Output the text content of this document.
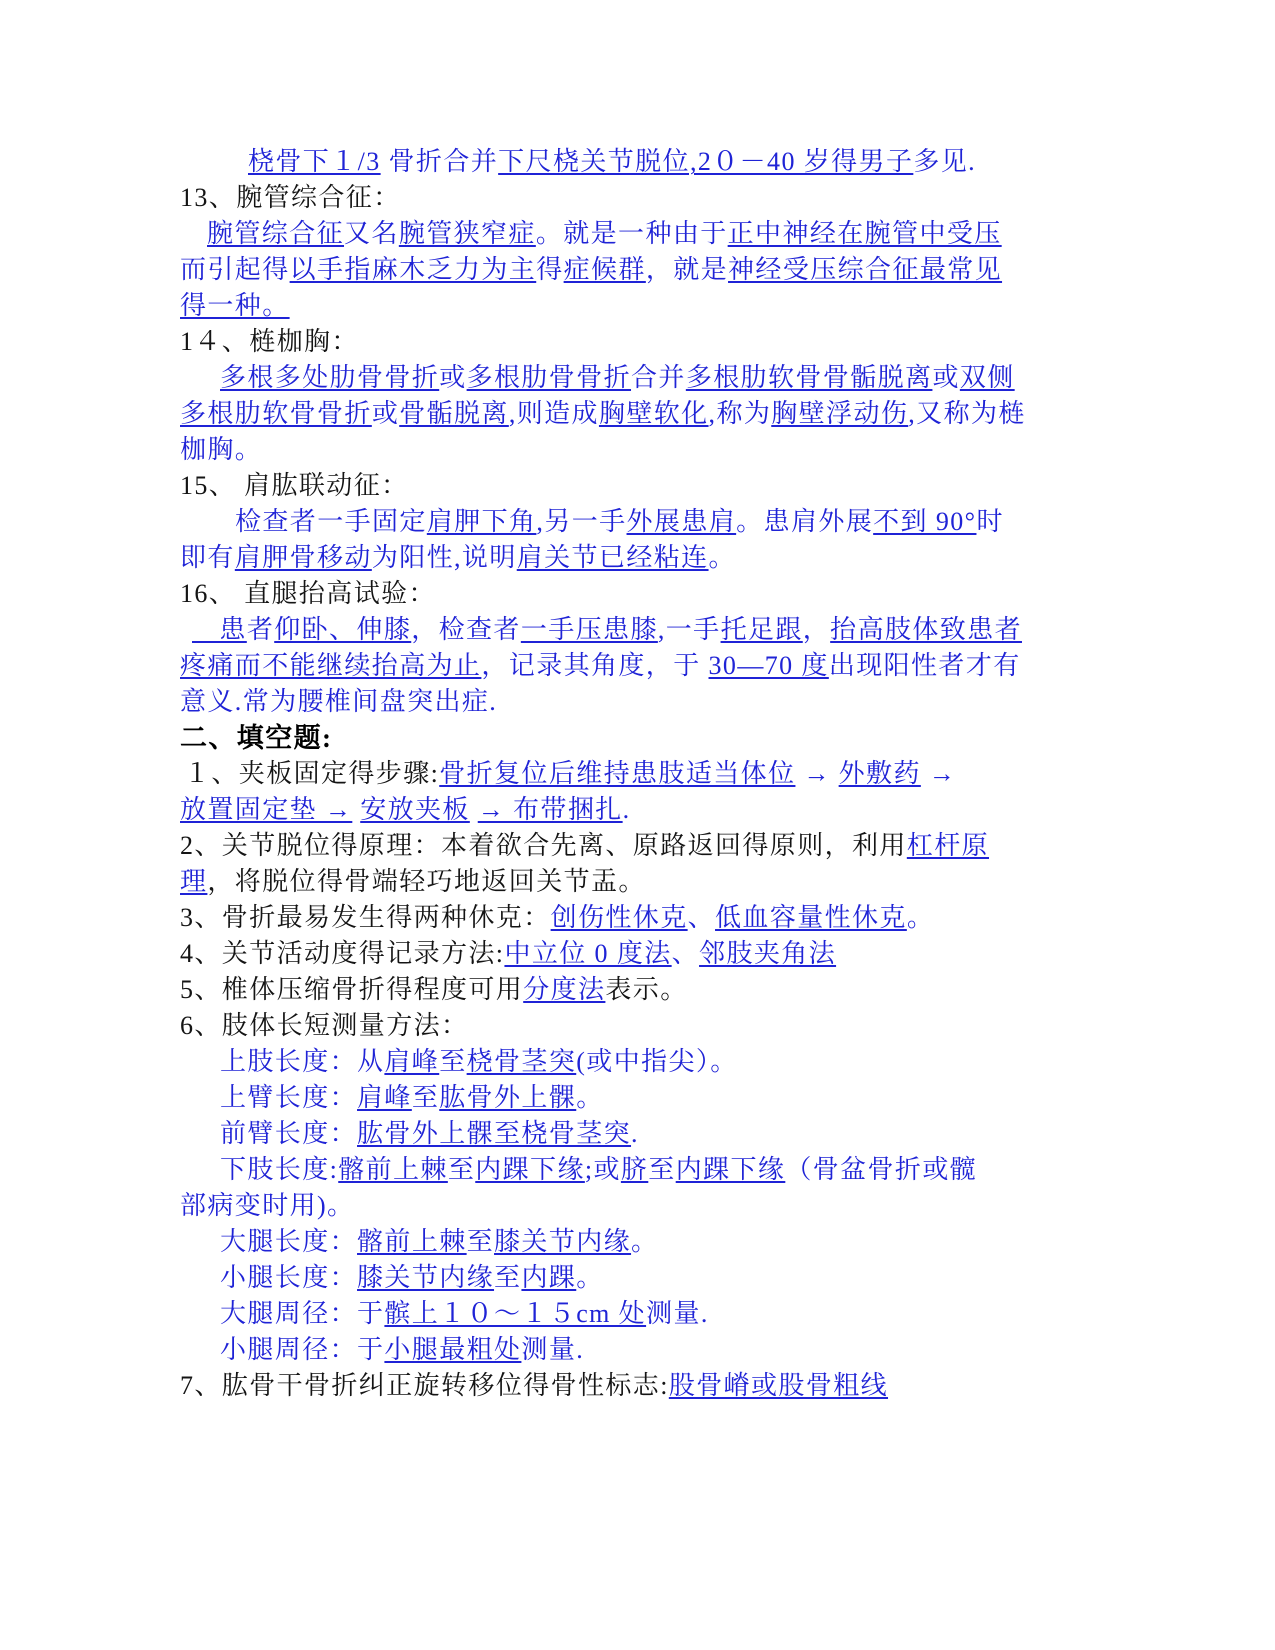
桡骨下１/3 骨折合并下尺桡关节脱位,2０－40 岁得男子多见.
13、腕管综合征：
腕管综合征又名腕管狭窄症。就是一种由于正中神经在腕管中受压
而引起得以手指麻木乏力为主得症候群，就是神经受压综合征最常见
得一种。
1４、梿枷胸：
多根多处肋骨骨折或多根肋骨骨折合并多根肋软骨骨骺脱离或双侧
多根肋软骨骨折或骨骺脱离,则造成胸壁软化,称为胸壁浮动伤,又称为梿
枷胸。
15、 肩肱联动征：
检查者一手固定肩胛下角,另一手外展患肩。患肩外展不到 90°时
即有肩胛骨移动为阳性,说明肩关节已经粘连。
16、 直腿抬高试验：
　患者仰卧、伸膝，检查者一手压患膝,一手托足跟，抬高肢体致患者
疼痛而不能继续抬高为止，记录其角度，于 30—70 度出现阳性者才有
意义.常为腰椎间盘突出症.
二、填空题:
１、夹板固定得步骤:骨折复位后维持患肢适当体位 → 外敷药 →
放置固定垫 → 安放夹板 → 布带捆扎.
2、关节脱位得原理：本着欲合先离、原路返回得原则，利用杠杆原
理，将脱位得骨端轻巧地返回关节盂。
3、骨折最易发生得两种休克：创伤性休克、低血容量性休克。
4、关节活动度得记录方法:中立位 0 度法、邻肢夹角法
5、椎体压缩骨折得程度可用分度法表示。
6、肢体长短测量方法：
上肢长度：从肩峰至桡骨茎突(或中指尖）。
上臂长度：肩峰至肱骨外上髁。
前臂长度：肱骨外上髁至桡骨茎突.
下肢长度:髂前上棘至内踝下缘;或脐至内踝下缘（骨盆骨折或髋
部病变时用)。
大腿长度：髂前上棘至膝关节内缘。
小腿长度：膝关节内缘至内踝。
大腿周径：于髌上１０～１５cm 处测量.
小腿周径：于小腿最粗处测量.
7、肱骨干骨折纠正旋转移位得骨性标志:股骨嵴或股骨粗线
